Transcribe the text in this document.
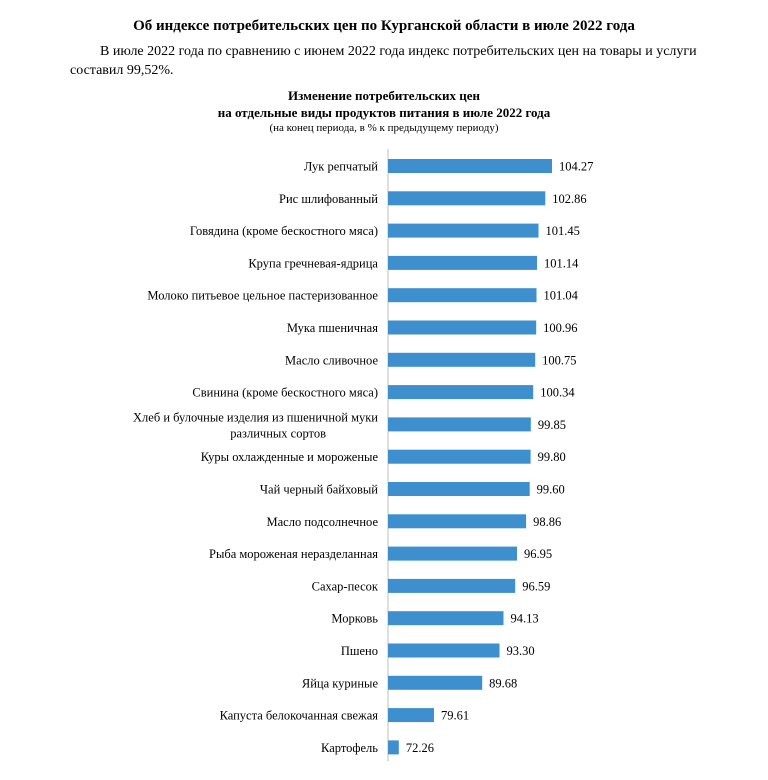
Об индексе потребительских цен по Курганской области в июле 2022 года
В июле 2022 года по сравнению с июнем 2022 года индекс потребительских цен на товары и услуги составил 99,52%.
Изменение потребительских цен
на отдельные виды продуктов питания в июле 2022 года
(на конец периода, в % к предыдущему периоду)
104.27
Лук репчатый
102.86
Рис шлифованный
101.45
Говядина (кроме бескостного мяса)
101.14
Крупа гречневая-ядрица
101.04
Молоко питьевое цельное пастеризованное
100.96
Мука пшеничная
100.75
Масло сливочное
100.34
Свинина (кроме бескостного мяса)
99.85
Хлеб и булочные изделия из пшеничной муки различных сортов
99.80
Куры охлажденные и мороженые
99.60
Чай черный байховый
98.86
Масло подсолнечное
96.95
Рыба мороженая неразделанная
96.59
Сахар-песок
94.13
Морковь
93.30
Пшено
89.68
Яйца куриные
79.61
Капуста белокочанная свежая
72.26
Картофель
